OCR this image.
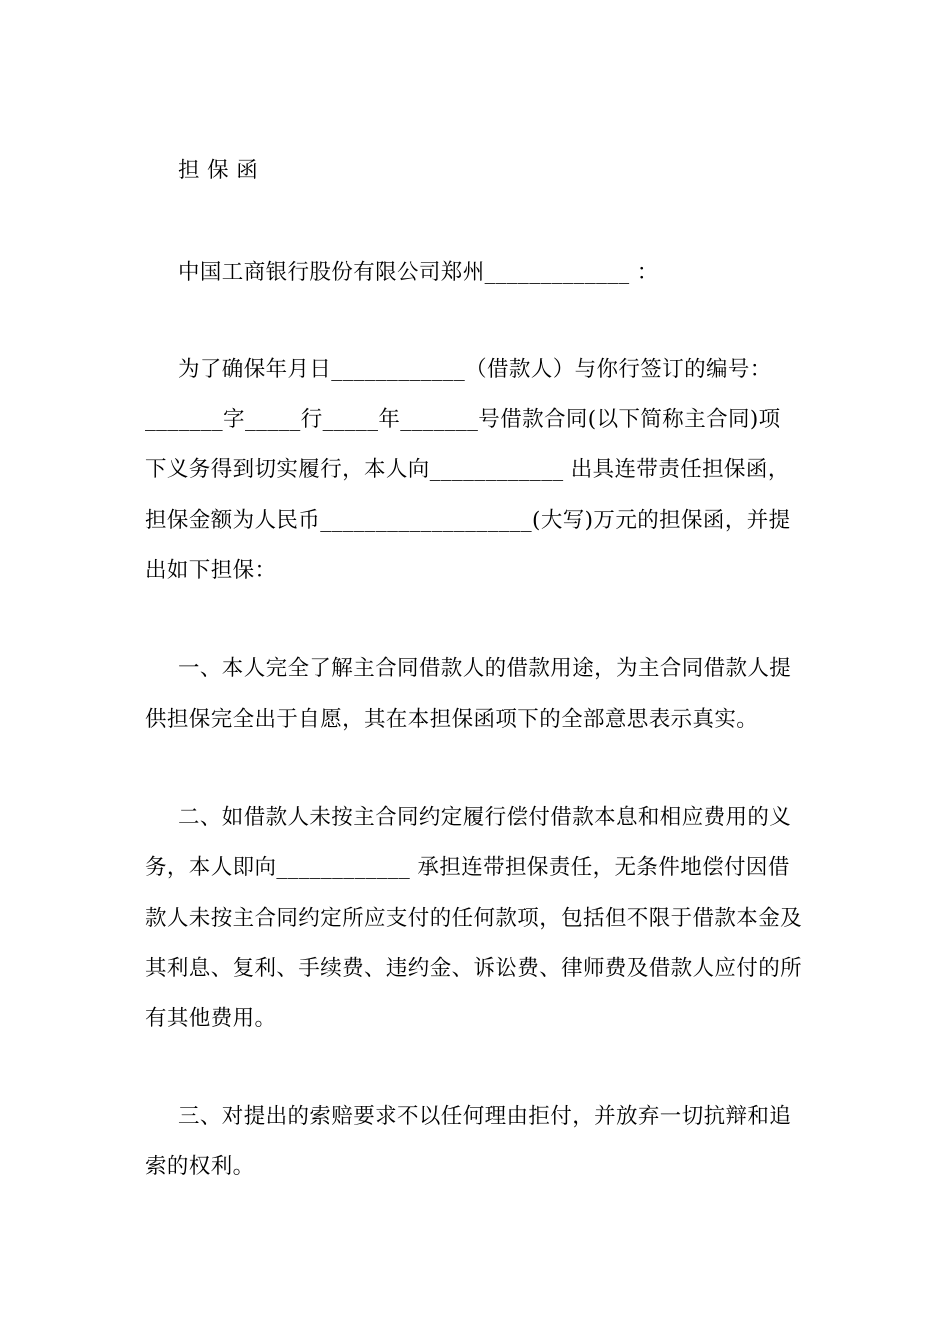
担 保 函
中国工商银行股份有限公司郑州_____________ ：
为了确保年月日____________（借款人）与你行签订的编号：
_______字_____行_____年_______号借款合同(以下简称主合同)项
下义务得到切实履行，本人向____________ 出具连带责任担保函，
担保金额为人民币___________________(大写)万元的担保函，并提
出如下担保：
一、本人完全了解主合同借款人的借款用途，为主合同借款人提
供担保完全出于自愿，其在本担保函项下的全部意思表示真实。
二、如借款人未按主合同约定履行偿付借款本息和相应费用的义
务，本人即向____________ 承担连带担保责任，无条件地偿付因借
款人未按主合同约定所应支付的任何款项，包括但不限于借款本金及
其利息、复利、手续费、违约金、诉讼费、律师费及借款人应付的所
有其他费用。
三、对提出的索赔要求不以任何理由拒付，并放弃一切抗辩和追
索的权利。
